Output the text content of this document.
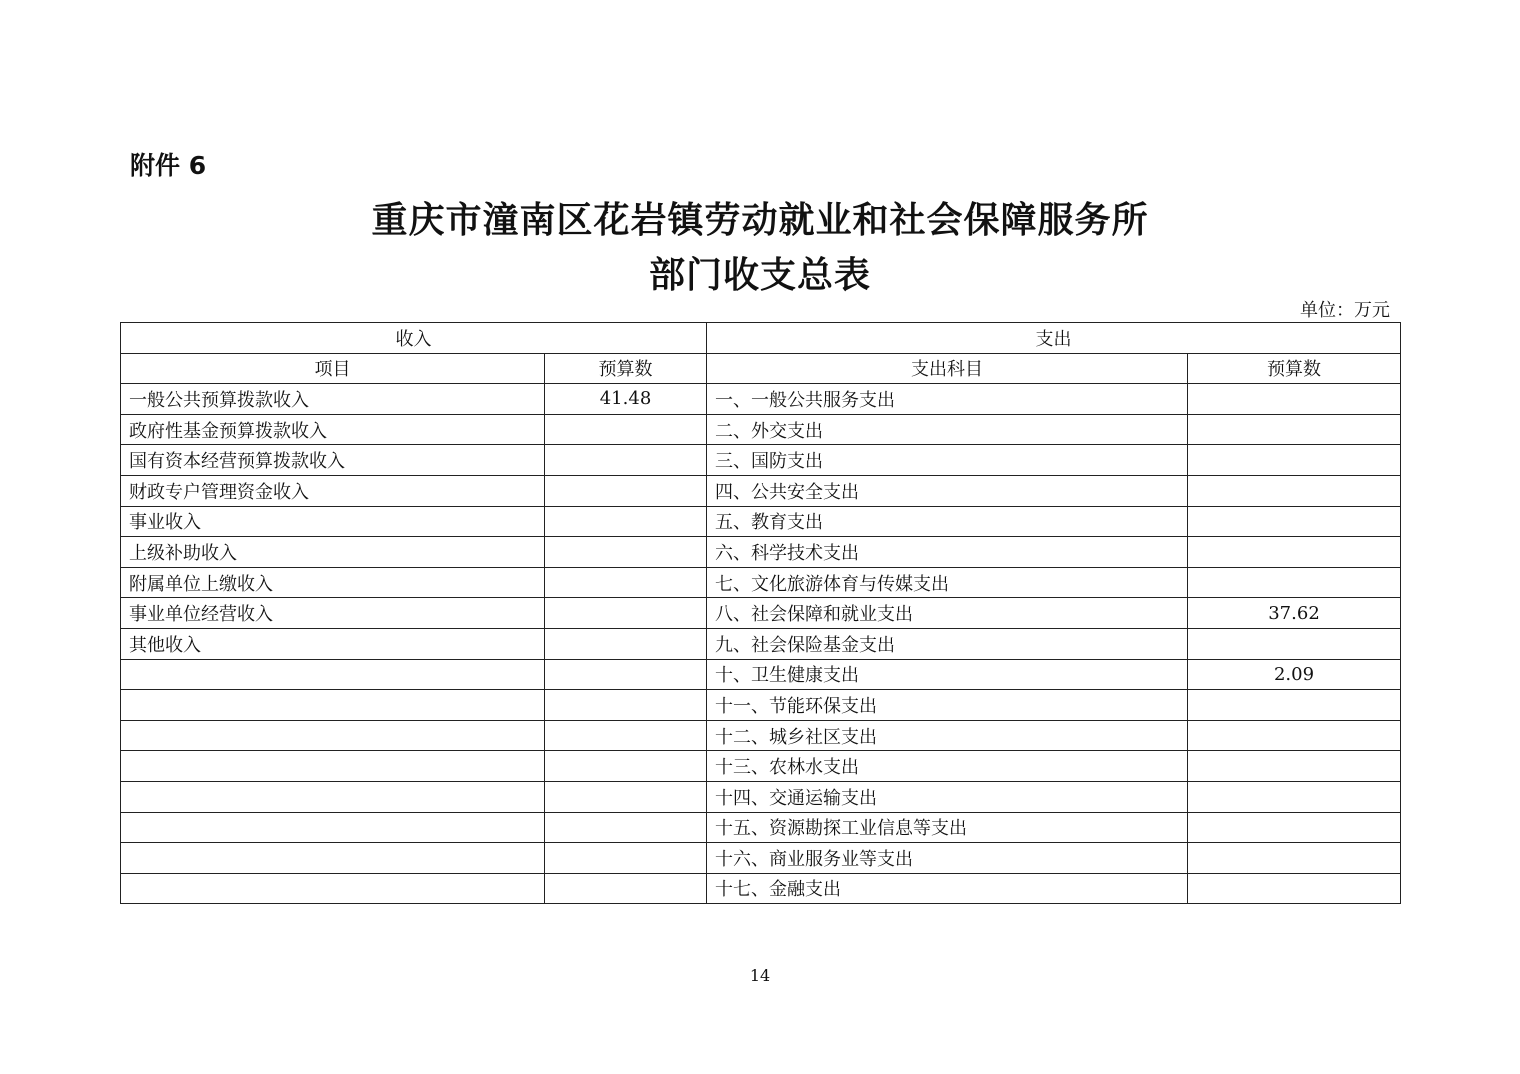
附件 6
重庆市潼南区花岩镇劳动就业和社会保障服务所
部门收支总表
单位：万元
收入		支出	
项目	预算数	支出科目	预算数
一般公共预算拨款收入	41.48	一、一般公共服务支出	
政府性基金预算拨款收入		二、外交支出	
国有资本经营预算拨款收入		三、国防支出	
财政专户管理资金收入		四、公共安全支出	
事业收入		五、教育支出	
上级补助收入		六、科学技术支出	
附属单位上缴收入		七、文化旅游体育与传媒支出	
事业单位经营收入		八、社会保障和就业支出	37.62
其他收入		九、社会保险基金支出	
		十、卫生健康支出	2.09
		十一、节能环保支出	
		十二、城乡社区支出	
		十三、农林水支出	
		十四、交通运输支出	
		十五、资源勘探工业信息等支出	
		十六、商业服务业等支出	
		十七、金融支出	
14
